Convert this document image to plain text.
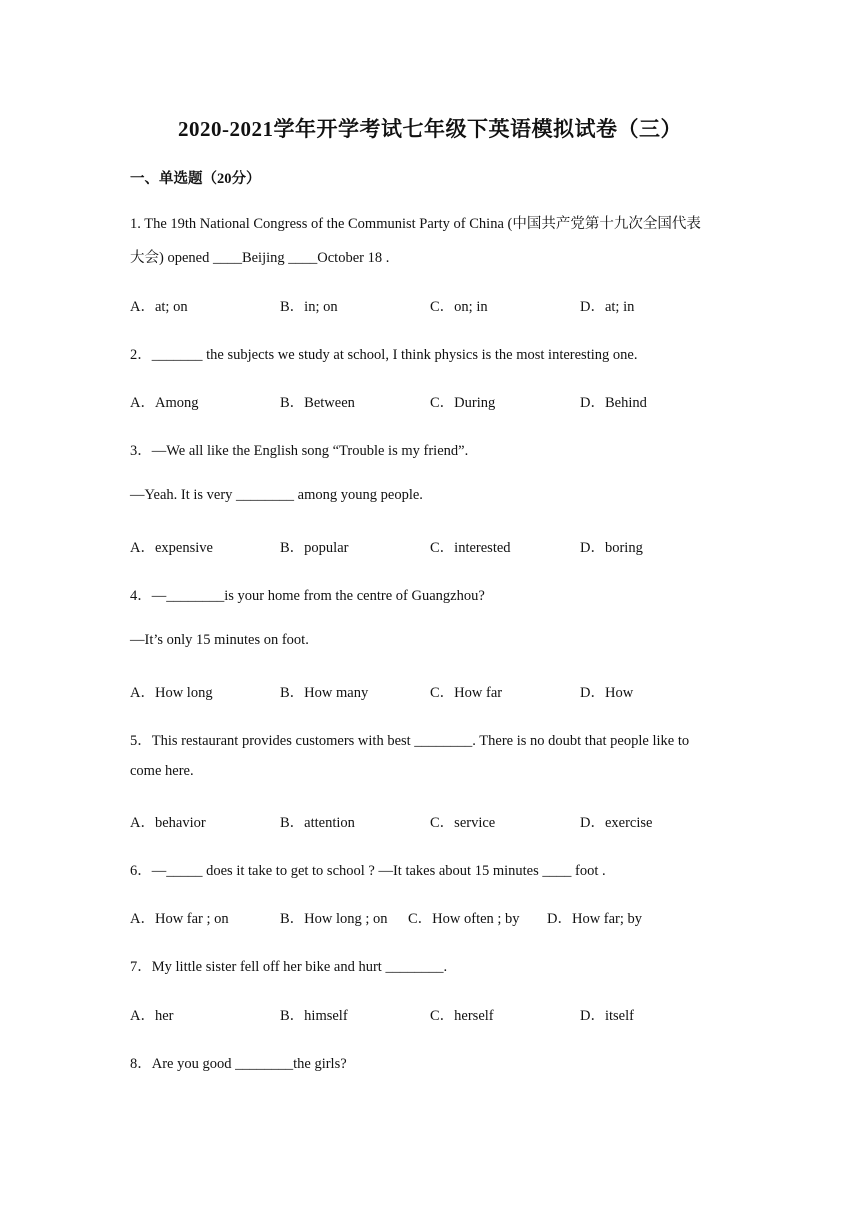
2020-2021学年开学考试七年级下英语模拟试卷（三）
一、单选题（20分）
1. The 19th National Congress of the Communist Party of China (中国共产党第十九次全国代表
大会) opened ____Beijing ____October 18 .
A．at; on	B．in; on	C．on; in	D．at; in
2．_______ the subjects we study at school, I think physics is the most interesting one.
A．Among	B．Between	C．During	D．Behind
3．—We all like the English song “Trouble is my friend”.
—Yeah. It is very ________ among young people.
A．expensive	B．popular	C．interested	D．boring
4．—________is your home from the centre of Guangzhou?
—It’s only 15 minutes on foot.
A．How long	B．How many	C．How far	D．How
5．This restaurant provides customers with best ________. There is no doubt that people like to
come here.
A．behavior	B．attention	C．service	D．exercise
6．—_____ does it take to get to school ? —It takes about 15 minutes ____ foot .
A．How far ; on	B．How long ; on C．How often ; by D．How far; by
7．My little sister fell off her bike and hurt ________.
A．her	B．himself	C．herself	D．itself
8．Are you good ________the girls?
